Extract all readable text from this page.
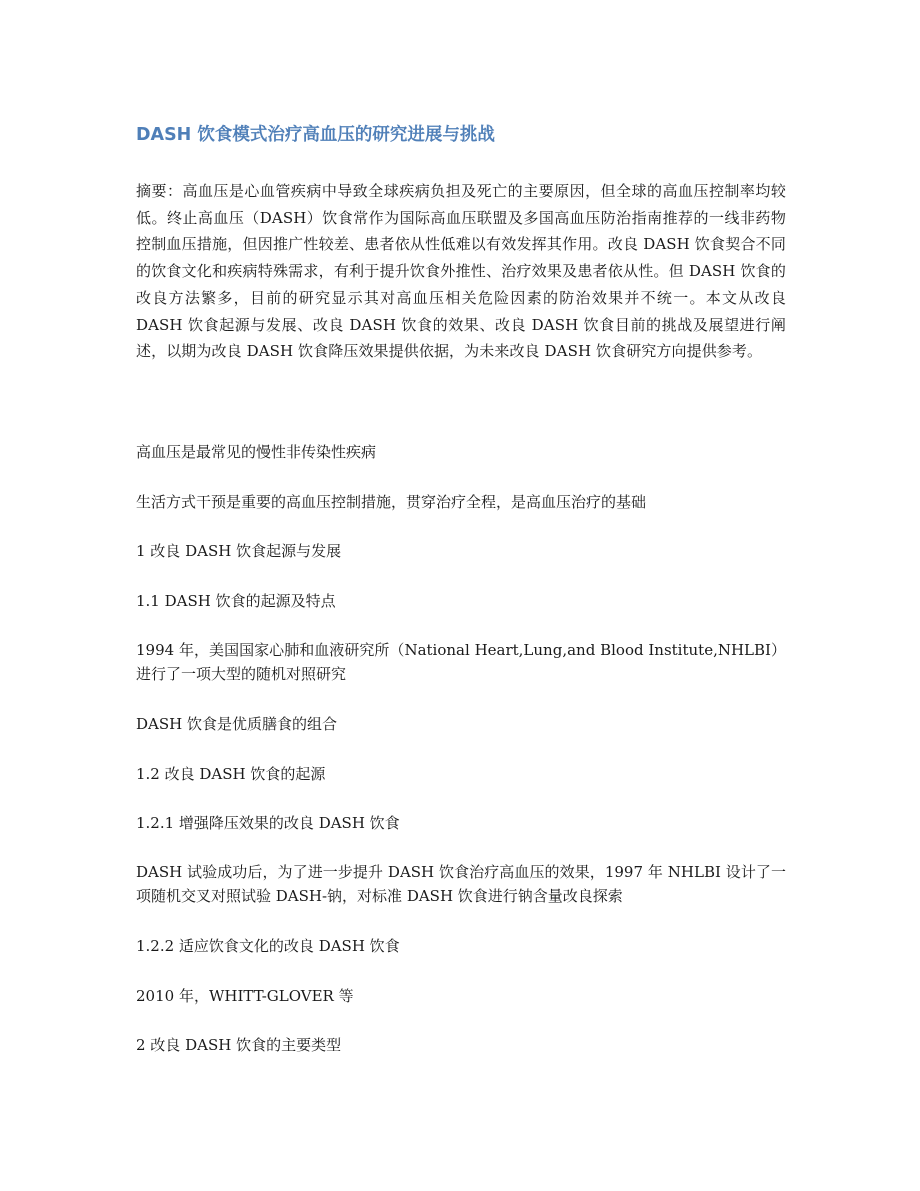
DASH 饮食模式治疗高血压的研究进展与挑战
摘要：高血压是心血管疾病中导致全球疾病负担及死亡的主要原因，但全球的高血压控制率均较低。终止高血压（DASH）饮食常作为国际高血压联盟及多国高血压防治指南推荐的一线非药物控制血压措施，但因推广性较差、患者依从性低难以有效发挥其作用。改良 DASH 饮食契合不同的饮食文化和疾病特殊需求，有利于提升饮食外推性、治疗效果及患者依从性。但 DASH 饮食的改良方法繁多，目前的研究显示其对高血压相关危险因素的防治效果并不统一。本文从改良 DASH 饮食起源与发展、改良 DASH 饮食的效果、改良 DASH 饮食目前的挑战及展望进行阐述，以期为改良 DASH 饮食降压效果提供依据，为未来改良 DASH 饮食研究方向提供参考。
高血压是最常见的慢性非传染性疾病
生活方式干预是重要的高血压控制措施，贯穿治疗全程，是高血压治疗的基础
1 改良 DASH 饮食起源与发展
1.1 DASH 饮食的起源及特点
1994 年，美国国家心肺和血液研究所（National Heart,Lung,and Blood Institute,NHLBI）进行了一项大型的随机对照研究
DASH 饮食是优质膳食的组合
1.2 改良 DASH 饮食的起源
1.2.1 增强降压效果的改良 DASH 饮食
DASH 试验成功后，为了进一步提升 DASH 饮食治疗高血压的效果，1997 年 NHLBI 设计了一项随机交叉对照试验 DASH-钠，对标准 DASH 饮食进行钠含量改良探索
1.2.2 适应饮食文化的改良 DASH 饮食
2010 年，WHITT-GLOVER 等
2 改良 DASH 饮食的主要类型
